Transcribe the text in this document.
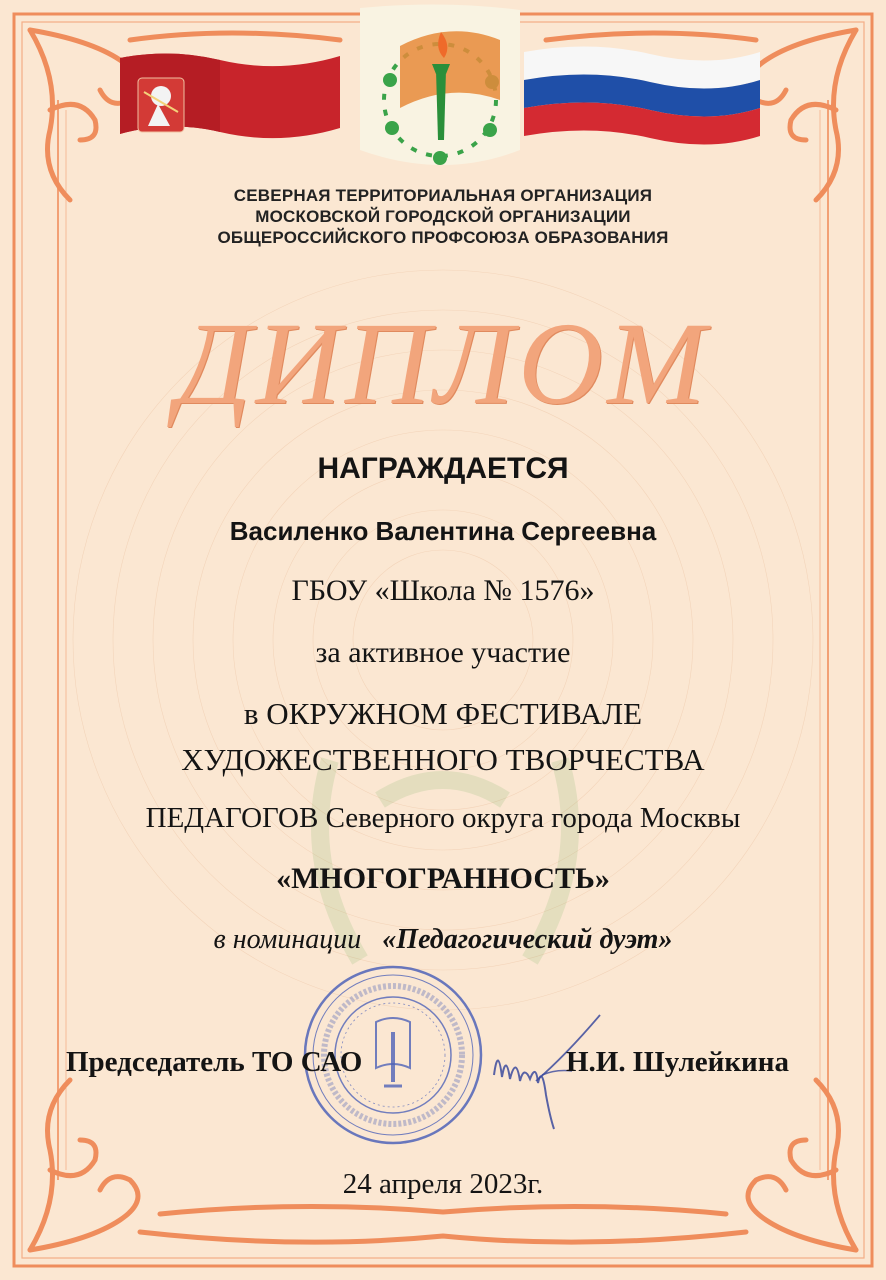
СЕВЕРНАЯ ТЕРРИТОРИАЛЬНАЯ ОРГАНИЗАЦИЯ
МОСКОВСКОЙ ГОРОДСКОЙ ОРГАНИЗАЦИИ
ОБЩЕРОССИЙСКОГО ПРОФСОЮЗА ОБРАЗОВАНИЯ
ДИПЛОМ
НАГРАЖДАЕТСЯ
Василенко Валентина Сергеевна
ГБОУ «Школа № 1576»
за активное участие
в ОКРУЖНОМ ФЕСТИВАЛЕ
ХУДОЖЕСТВЕННОГО ТВОРЧЕСТВА
ПЕДАГОГОВ Северного округа города Москвы
«МНОГОГРАННОСТЬ»
в номинации «Педагогический дуэт»
Председатель ТО САО	Н.И. Шулейкина
24 апреля 2023г.
